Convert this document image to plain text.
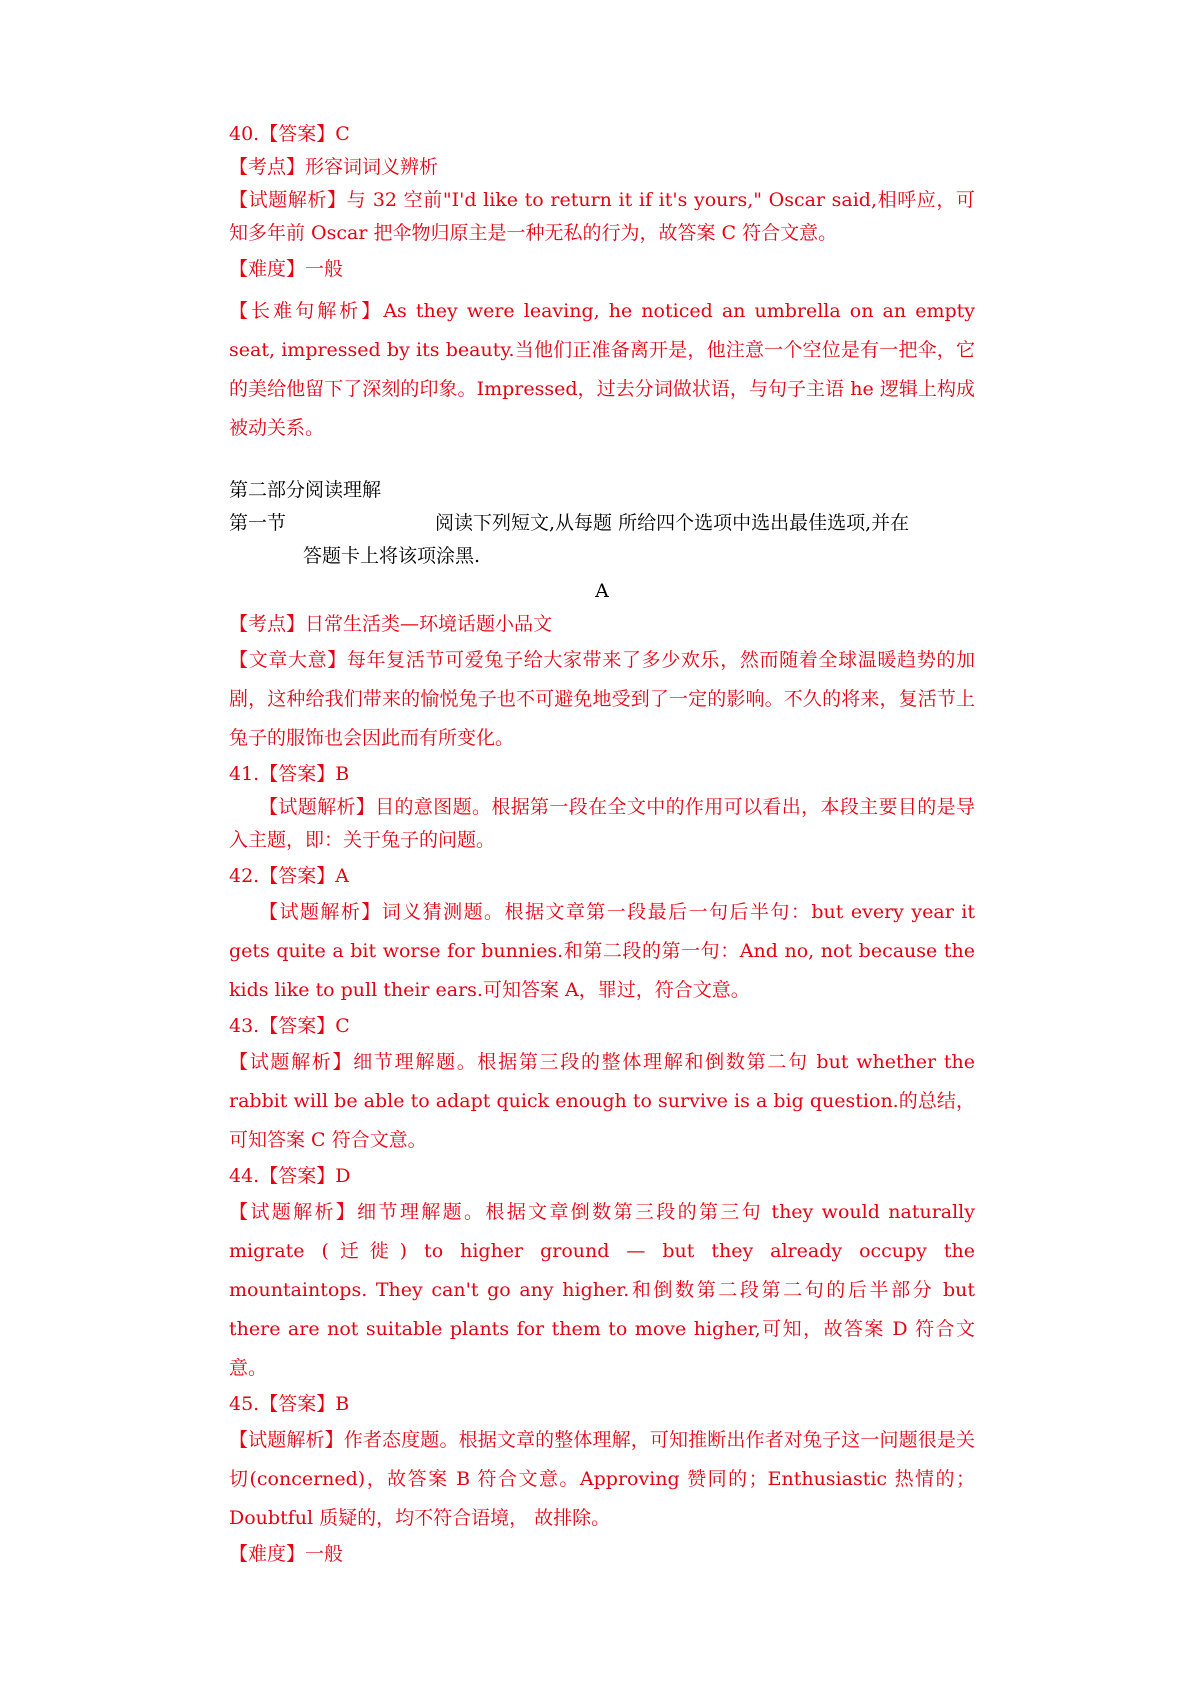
40.【答案】C

【考点】形容词词义辨析

【试题解析】与 32 空前"I'd like to return it if it's yours," Oscar said,相呼应，可知多年前 Oscar 把伞物归原主是一种无私的行为，故答案 C 符合文意。

【难度】一般

【长难句解析】As they were leaving, he noticed an umbrella on an empty seat, impressed by its beauty.当他们正准备离开是，他注意一个空位是有一把伞，它的美给他留下了深刻的印象。Impressed，过去分词做状语，与句子主语 he 逻辑上构成被动关系。

第二部分阅读理解

第一节	阅读下列短文,从每题 所给四个选项中选出最佳选项,并在
答题卡上将该项涂黑.
A

【考点】日常生活类—环境话题小品文

【文章大意】每年复活节可爱兔子给大家带来了多少欢乐，然而随着全球温暖趋势的加剧，这种给我们带来的愉悦兔子也不可避免地受到了一定的影响。不久的将来，复活节上兔子的服饰也会因此而有所变化。

41.【答案】B

【试题解析】目的意图题。根据第一段在全文中的作用可以看出，本段主要目的是导入主题，即：关于兔子的问题。

42.【答案】A

【试题解析】词义猜测题。根据文章第一段最后一句后半句：but every year it gets quite a bit worse for bunnies.和第二段的第一句：And no, not because the kids like to pull their ears.可知答案 A，罪过，符合文意。

43.【答案】C

【试题解析】细节理解题。根据第三段的整体理解和倒数第二句 but whether the rabbit will be able to adapt quick enough to survive is a big question.的总结，可知答案 C 符合文意。

44.【答案】D

【试题解析】细节理解题。根据文章倒数第三段的第三句 they would naturally migrate (迁徙) to higher ground — but they already occupy the mountaintops. They can't go any higher.和倒数第二段第二句的后半部分 but there are not suitable plants for them to move higher,可知，故答案 D 符合文意。

45.【答案】B

【试题解析】作者态度题。根据文章的整体理解，可知推断出作者对兔子这一问题很是关切(concerned)，故答案 B 符合文意。Approving 赞同的；Enthusiastic 热情的；Doubtful 质疑的，均不符合语境， 故排除。

【难度】一般
